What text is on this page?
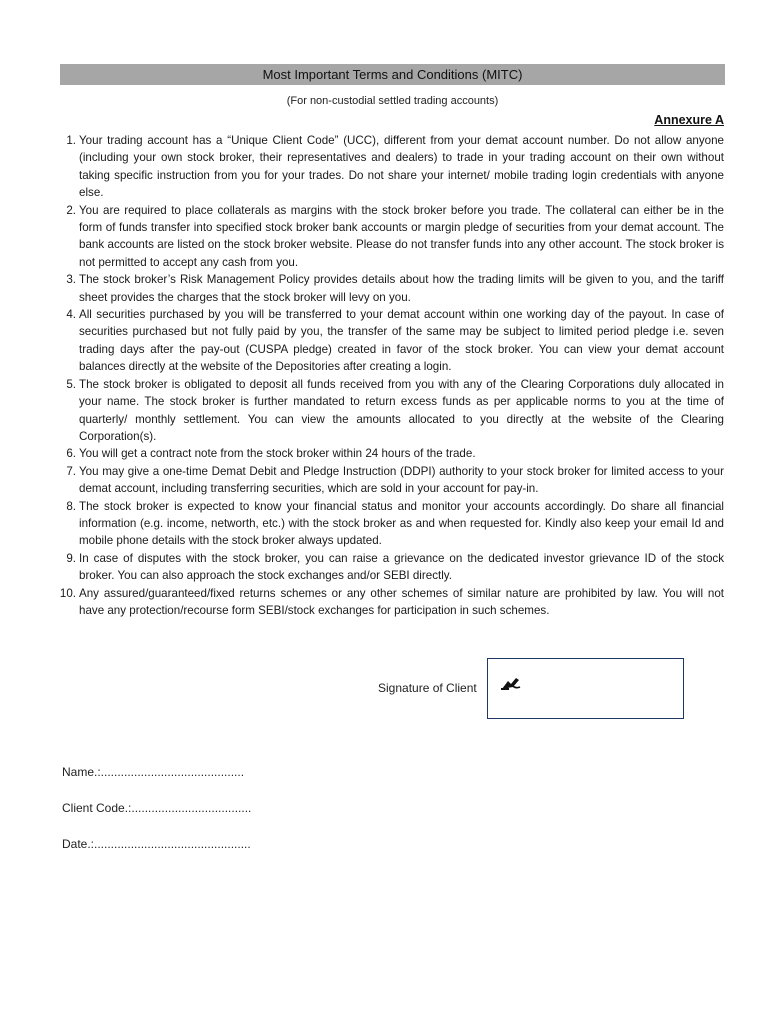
Most Important Terms and Conditions (MITC)
(For non-custodial settled trading accounts)
Annexure A
1. Your trading account has a “Unique Client Code” (UCC), different from your demat account number. Do not allow anyone (including your own stock broker, their representatives and dealers) to trade in your trading account on their own without taking specific instruction from you for your trades. Do not share your internet/ mobile trading login credentials with anyone else.
2. You are required to place collaterals as margins with the stock broker before you trade. The collateral can either be in the form of funds transfer into specified stock broker bank accounts or margin pledge of securities from your demat account. The bank accounts are listed on the stock broker website. Please do not transfer funds into any other account. The stock broker is not permitted to accept any cash from you.
3. The stock broker’s Risk Management Policy provides details about how the trading limits will be given to you, and the tariff sheet provides the charges that the stock broker will levy on you.
4. All securities purchased by you will be transferred to your demat account within one working day of the payout. In case of securities purchased but not fully paid by you, the transfer of the same may be subject to limited period pledge i.e. seven trading days after the pay-out (CUSPA pledge) created in favor of the stock broker. You can view your demat account balances directly at the website of the Depositories after creating a login.
5. The stock broker is obligated to deposit all funds received from you with any of the Clearing Corporations duly allocated in your name. The stock broker is further mandated to return excess funds as per applicable norms to you at the time of quarterly/ monthly settlement. You can view the amounts allocated to you directly at the website of the Clearing Corporation(s).
6. You will get a contract note from the stock broker within 24 hours of the trade.
7. You may give a one-time Demat Debit and Pledge Instruction (DDPI) authority to your stock broker for limited access to your demat account, including transferring securities, which are sold in your account for pay-in.
8. The stock broker is expected to know your financial status and monitor your accounts accordingly. Do share all financial information (e.g. income, networth, etc.) with the stock broker as and when requested for. Kindly also keep your email Id and mobile phone details with the stock broker always updated.
9. In case of disputes with the stock broker, you can raise a grievance on the dedicated investor grievance ID of the stock broker. You can also approach the stock exchanges and/or SEBI directly.
10. Any assured/guaranteed/fixed returns schemes or any other schemes of similar nature are prohibited by law. You will not have any protection/recourse form SEBI/stock exchanges for participation in such schemes.
Signature of Client
Name.:...........................................
Client Code.:....................................
Date.:...............................................
